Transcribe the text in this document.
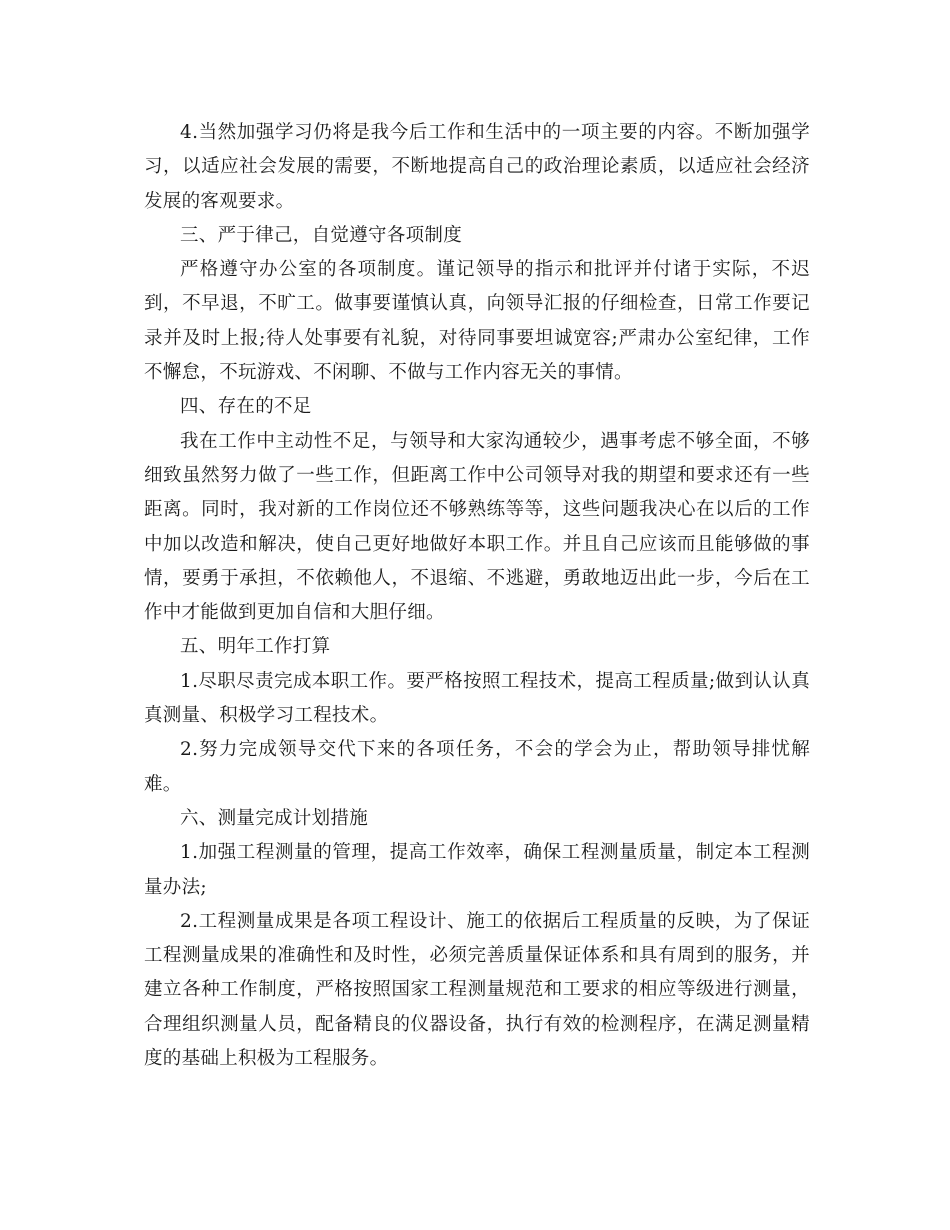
4.当然加强学习仍将是我今后工作和生活中的一项主要的内容。不断加强学习，以适应社会发展的需要，不断地提高自己的政治理论素质，以适应社会经济发展的客观要求。

三、严于律己，自觉遵守各项制度

严格遵守办公室的各项制度。谨记领导的指示和批评并付诸于实际，不迟到，不早退，不旷工。做事要谨慎认真，向领导汇报的仔细检查，日常工作要记录并及时上报;待人处事要有礼貌，对待同事要坦诚宽容;严肃办公室纪律，工作不懈怠，不玩游戏、不闲聊、不做与工作内容无关的事情。

四、存在的不足

我在工作中主动性不足，与领导和大家沟通较少，遇事考虑不够全面，不够细致虽然努力做了一些工作，但距离工作中公司领导对我的期望和要求还有一些距离。同时，我对新的工作岗位还不够熟练等等，这些问题我决心在以后的工作中加以改造和解决，使自己更好地做好本职工作。并且自己应该而且能够做的事情，要勇于承担，不依赖他人，不退缩、不逃避，勇敢地迈出此一步，今后在工作中才能做到更加自信和大胆仔细。

五、明年工作打算

1.尽职尽责完成本职工作。要严格按照工程技术，提高工程质量;做到认认真真测量、积极学习工程技术。

2.努力完成领导交代下来的各项任务，不会的学会为止，帮助领导排忧解难。

六、测量完成计划措施

1.加强工程测量的管理，提高工作效率，确保工程测量质量，制定本工程测量办法;

2.工程测量成果是各项工程设计、施工的依据后工程质量的反映，为了保证工程测量成果的准确性和及时性，必须完善质量保证体系和具有周到的服务，并建立各种工作制度，严格按照国家工程测量规范和工要求的相应等级进行测量，合理组织测量人员，配备精良的仪器设备，执行有效的检测程序，在满足测量精度的基础上积极为工程服务。
